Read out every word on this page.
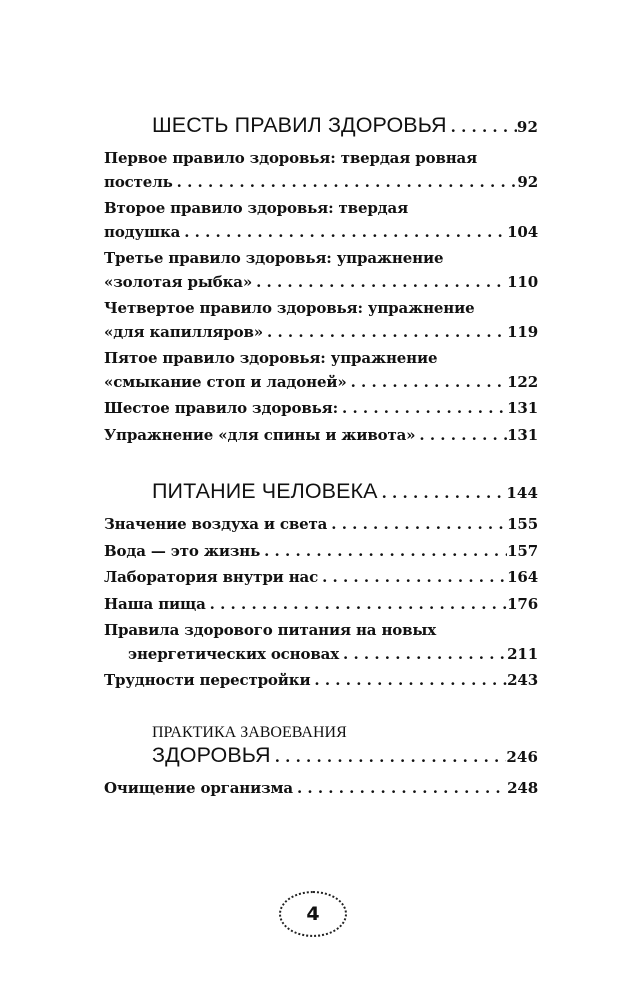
ШЕСТЬ ПРАВИЛ ЗДОРОВЬЯ . . .	92
Первое правило здоровья: твердая ровная
постель . . .	92
Второе правило здоровья: твердая
подушка . . .	104
Третье правило здоровья: упражнение
«золотая рыбка» . . .	110
Четвертое правило здоровья: упражнение
«для капилляров» . . .	119
Пятое правило здоровья: упражнение
«смыкание стоп и ладоней» . . .	122
Шестое правило здоровья: . . .	131
Упражнение «для спины и живота» . . .	131
ПИТАНИЕ ЧЕЛОВЕКА . . .	144
Значение воздуха и света . . .	155
Вода — это жизнь . . .	157
Лаборатория внутри нас . . .	164
Наша пища . . .	176
Правила здорового питания на новых
энергетических основах . . .	211
Трудности перестройки . . .	243
ПРАКТИКА ЗАВОЕВАНИЯ
ЗДОРОВЬЯ . . .	246
Очищение организма . . .	248
4
